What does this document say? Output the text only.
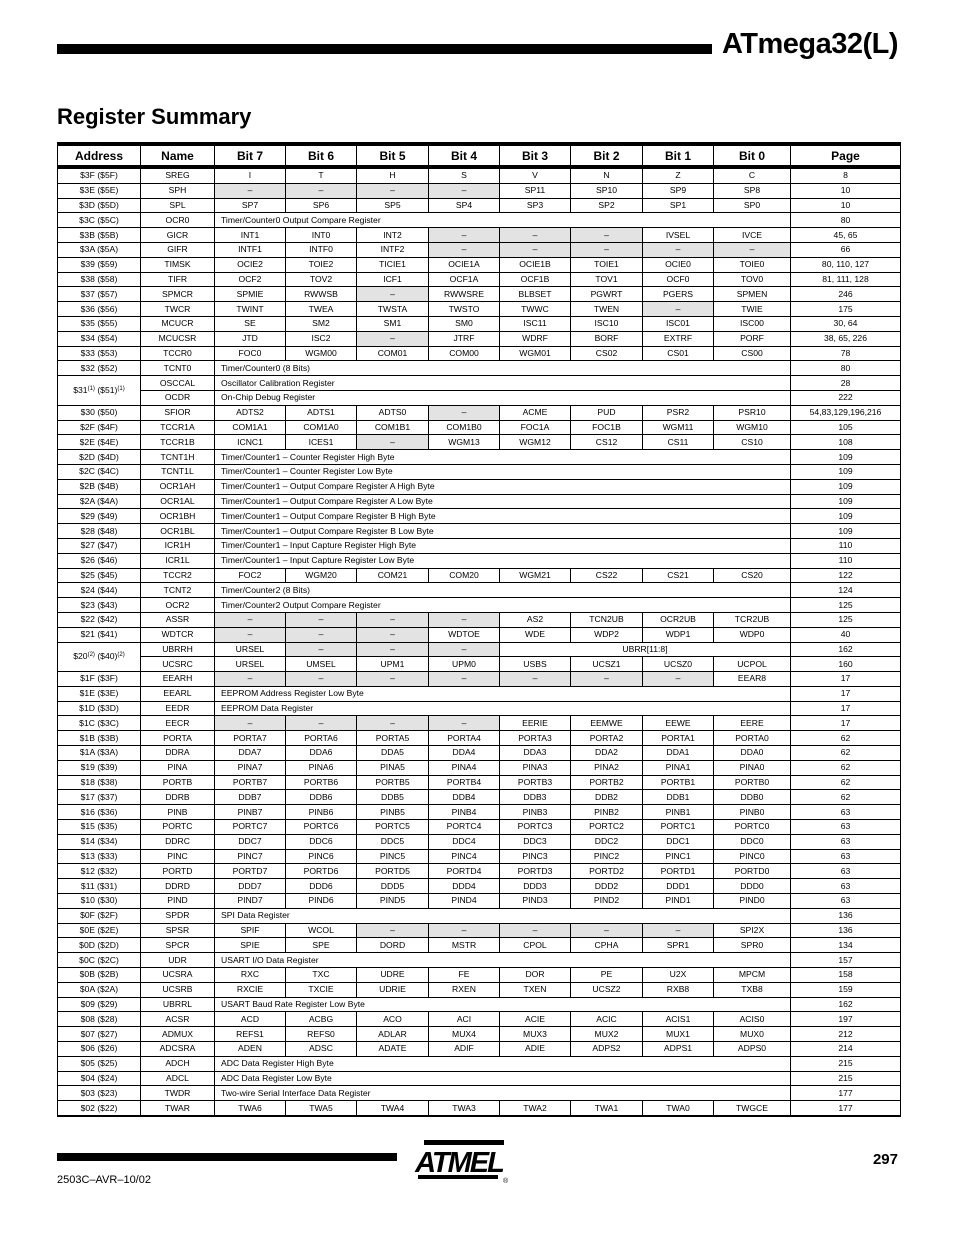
ATmega32(L)
Register Summary
Address	Name	Bit 7	Bit 6	Bit 5	Bit 4	Bit 3	Bit 2	Bit 1	Bit 0	Page
$3F ($5F)	SREG	I	T	H	S	V	N	Z	C	8
$3E ($5E)	SPH	–	–	–	–	SP11	SP10	SP9	SP8	10
$3D ($5D)	SPL	SP7	SP6	SP5	SP4	SP3	SP2	SP1	SP0	10
$3C ($5C)	OCR0	Timer/Counter0 Output Compare Register								80
$3B ($5B)	GICR	INT1	INT0	INT2	–	–	–	IVSEL	IVCE	45, 65
$3A ($5A)	GIFR	INTF1	INTF0	INTF2	–	–	–	–	–	66
$39 ($59)	TIMSK	OCIE2	TOIE2	TICIE1	OCIE1A	OCIE1B	TOIE1	OCIE0	TOIE0	80, 110, 127
$38 ($58)	TIFR	OCF2	TOV2	ICF1	OCF1A	OCF1B	TOV1	OCF0	TOV0	81, 111, 128
$37 ($57)	SPMCR	SPMIE	RWWSB	–	RWWSRE	BLBSET	PGWRT	PGERS	SPMEN	246
$36 ($56)	TWCR	TWINT	TWEA	TWSTA	TWSTO	TWWC	TWEN	–	TWIE	175
$35 ($55)	MCUCR	SE	SM2	SM1	SM0	ISC11	ISC10	ISC01	ISC00	30, 64
$34 ($54)	MCUCSR	JTD	ISC2	–	JTRF	WDRF	BORF	EXTRF	PORF	38, 65, 226
$33 ($53)	TCCR0	FOC0	WGM00	COM01	COM00	WGM01	CS02	CS01	CS00	78
$32 ($52)	TCNT0	Timer/Counter0 (8 Bits)								80
$31$^{(1)}$ ($51)$^{(1)}$	OSCCAL	Oscillator Calibration Register								28
	OCDR	On-Chip Debug Register								222
$30 ($50)	SFIOR	ADTS2	ADTS1	ADTS0	–	ACME	PUD	PSR2	PSR10	54,83,129,196,216
$2F ($4F)	TCCR1A	COM1A1	COM1A0	COM1B1	COM1B0	FOC1A	FOC1B	WGM11	WGM10	105
$2E ($4E)	TCCR1B	ICNC1	ICES1	–	WGM13	WGM12	CS12	CS11	CS10	108
$2D ($4D)	TCNT1H	Timer/Counter1 – Counter Register High Byte								109
$2C ($4C)	TCNT1L	Timer/Counter1 – Counter Register Low Byte								109
$2B ($4B)	OCR1AH	Timer/Counter1 – Output Compare Register A High Byte								109
$2A ($4A)	OCR1AL	Timer/Counter1 – Output Compare Register A Low Byte								109
$29 ($49)	OCR1BH	Timer/Counter1 – Output Compare Register B High Byte								109
$28 ($48)	OCR1BL	Timer/Counter1 – Output Compare Register B Low Byte								109
$27 ($47)	ICR1H	Timer/Counter1 – Input Capture Register High Byte								110
$26 ($46)	ICR1L	Timer/Counter1 – Input Capture Register Low Byte								110
$25 ($45)	TCCR2	FOC2	WGM20	COM21	COM20	WGM21	CS22	CS21	CS20	122
$24 ($44)	TCNT2	Timer/Counter2 (8 Bits)								124
$23 ($43)	OCR2	Timer/Counter2 Output Compare Register								125
$22 ($42)	ASSR	–	–	–	–	AS2	TCN2UB	OCR2UB	TCR2UB	125
$21 ($41)	WDTCR	–	–	–	WDTOE	WDE	WDP2	WDP1	WDP0	40
$20$^{(2)}$ ($40)$^{(2)}$	UBRRH	URSEL	–	–	–	UBRR[11:8]				162
	UCSRC	URSEL	UMSEL	UPM1	UPM0	USBS	UCSZ1	UCSZ0	UCPOL	160
$1F ($3F)	EEARH	–	–	–	–	–	–	–	EEAR8	17
$1E ($3E)	EEARL	EEPROM Address Register Low Byte								17
$1D ($3D)	EEDR	EEPROM Data Register								17
$1C ($3C)	EECR	–	–	–	–	EERIE	EEMWE	EEWE	EERE	17
$1B ($3B)	PORTA	PORTA7	PORTA6	PORTA5	PORTA4	PORTA3	PORTA2	PORTA1	PORTA0	62
$1A ($3A)	DDRA	DDA7	DDA6	DDA5	DDA4	DDA3	DDA2	DDA1	DDA0	62
$19 ($39)	PINA	PINA7	PINA6	PINA5	PINA4	PINA3	PINA2	PINA1	PINA0	62
$18 ($38)	PORTB	PORTB7	PORTB6	PORTB5	PORTB4	PORTB3	PORTB2	PORTB1	PORTB0	62
$17 ($37)	DDRB	DDB7	DDB6	DDB5	DDB4	DDB3	DDB2	DDB1	DDB0	62
$16 ($36)	PINB	PINB7	PINB6	PINB5	PINB4	PINB3	PINB2	PINB1	PINB0	63
$15 ($35)	PORTC	PORTC7	PORTC6	PORTC5	PORTC4	PORTC3	PORTC2	PORTC1	PORTC0	63
$14 ($34)	DDRC	DDC7	DDC6	DDC5	DDC4	DDC3	DDC2	DDC1	DDC0	63
$13 ($33)	PINC	PINC7	PINC6	PINC5	PINC4	PINC3	PINC2	PINC1	PINC0	63
$12 ($32)	PORTD	PORTD7	PORTD6	PORTD5	PORTD4	PORTD3	PORTD2	PORTD1	PORTD0	63
$11 ($31)	DDRD	DDD7	DDD6	DDD5	DDD4	DDD3	DDD2	DDD1	DDD0	63
$10 ($30)	PIND	PIND7	PIND6	PIND5	PIND4	PIND3	PIND2	PIND1	PIND0	63
$0F ($2F)	SPDR	SPI Data Register								136
$0E ($2E)	SPSR	SPIF	WCOL	–	–	–	–	–	SPI2X	136
$0D ($2D)	SPCR	SPIE	SPE	DORD	MSTR	CPOL	CPHA	SPR1	SPR0	134
$0C ($2C)	UDR	USART I/O Data Register								157
$0B ($2B)	UCSRA	RXC	TXC	UDRE	FE	DOR	PE	U2X	MPCM	158
$0A ($2A)	UCSRB	RXCIE	TXCIE	UDRIE	RXEN	TXEN	UCSZ2	RXB8	TXB8	159
$09 ($29)	UBRRL	USART Baud Rate Register Low Byte								162
$08 ($28)	ACSR	ACD	ACBG	ACO	ACI	ACIE	ACIC	ACIS1	ACIS0	197
$07 ($27)	ADMUX	REFS1	REFS0	ADLAR	MUX4	MUX3	MUX2	MUX1	MUX0	212
$06 ($26)	ADCSRA	ADEN	ADSC	ADATE	ADIF	ADIE	ADPS2	ADPS1	ADPS0	214
$05 ($25)	ADCH	ADC Data Register High Byte								215
$04 ($24)	ADCL	ADC Data Register Low Byte								215
$03 ($23)	TWDR	Two-wire Serial Interface Data Register								177
$02 ($22)	TWAR	TWA6	TWA5	TWA4	TWA3	TWA2	TWA1	TWA0	TWGCE	177
ATMEL
®
297
2503C–AVR–10/02
